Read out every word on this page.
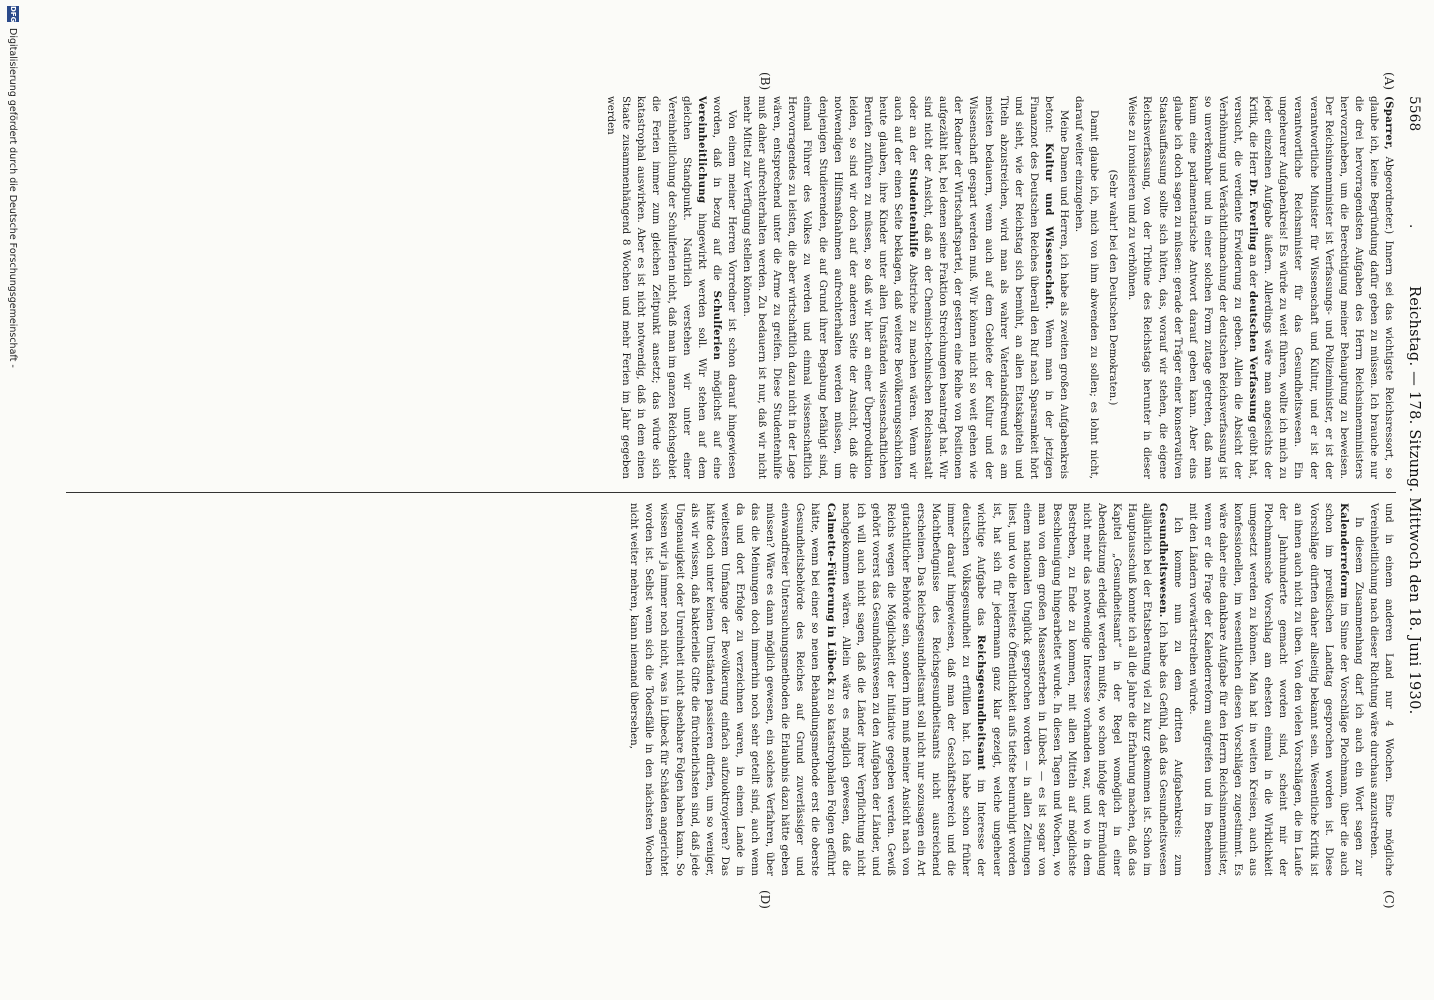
5568
.
Reichstag. — 178. Sitzung. Mittwoch den 18. Juni 1930.
(A)
(B)
(C)
(D)

(Sparrer, Abgeordneter.) Innern sei das wichtigste Reichsressort, so glaube ich, keine Begründung dafür geben zu müssen. Ich brauche nur die drei hervorragendsten Aufgaben des Herrn Reichsinnenministers hervorzuheben, um die Berechtigung meiner Behauptung zu beweisen. Der Reichsinnenminister ist Verfassungs- und Polizeiminister, er ist der verantwortliche Minister für Wissenschaft und Kultur, und er ist der verantwortliche Reichsminister für das Gesundheitswesen. Ein ungeheurer Aufgabenkreis! Es würde zu weit führen, wollte ich mich zu jeder einzelnen Aufgabe äußern. Allerdings wäre man angesichts der Kritik, die Herr Dr. Everling an der deutschen Verfassung geübt hat, versucht, die verdiente Erwiderung zu geben. Allein die Absicht der Verhöhnung und Verächtlichmachung der deutschen Reichsverfassung ist so unverkennbar und in einer solchen Form zutage getreten, daß man kaum eine parlamentarische Antwort darauf geben kann. Aber eins glaube ich doch sagen zu müssen: gerade der Träger einer konservativen Staatsauffassung sollte sich hüten, das, worauf wir stehen, die eigene Reichsverfassung, von der Tribüne des Reichstags herunter in dieser Weise zu ironisieren und zu verhöhnen.

(Sehr wahr! bei den Deutschen Demokraten.)

Damit glaube ich, mich von ihm abwenden zu sollen; es lohnt nicht, darauf weiter einzugehen.

Meine Damen und Herren, ich habe als zweiten großen Aufgabenkreis betont: Kultur und Wissenschaft. Wenn man in der jetzigen Finanznot des Deutschen Reiches überall den Ruf nach Sparsamkeit hört und sieht, wie der Reichstag sich bemüht, an allen Etatskapiteln und Titeln abzustreichen, wird man als wahrer Vaterlandsfreund es am meisten bedauern, wenn auch auf dem Gebiete der Kultur und der Wissenschaft gespart werden muß. Wir können nicht so weit gehen wie der Redner der Wirtschaftspartei, der gestern eine Reihe von Positionen aufgezählt hat, bei denen seine Fraktion Streichungen beantragt hat. Wir sind nicht der Ansicht, daß an der Chemisch-technischen Reichsanstalt oder an der Studentenhilfe Abstriche zu machen wären. Wenn wir auch auf der einen Seite beklagen, daß weitere Bevölkerungsschichten heute glauben, ihre Kinder unter allen Umständen wissenschaftlichen Berufen zuführen zu müssen, so daß wir hier an einer Überproduktion leiden, so sind wir doch auf der anderen Seite der Ansicht, daß die notwendigen Hilfsmaßnahmen aufrechterhalten werden müssen, um denjenigen Studierenden, die auf Grund ihrer Begabung befähigt sind, einmal Führer des Volkes zu werden und einmal wissenschaftlich Hervorragendes zu leisten, die aber wirtschaftlich dazu nicht in der Lage wären, entsprechend unter die Arme zu greifen. Diese Studentenhilfe muß daher aufrechterhalten werden. Zu bedauern ist nur, daß wir nicht mehr Mittel zur Verfügung stellen können.

Von einem meiner Herren Vorredner ist schon darauf hingewiesen worden, daß in bezug auf die Schulferien möglichst auf eine Vereinheitlichung hingewirkt werden soll. Wir stehen auf dem gleichen Standpunkt. Natürlich verstehen wir unter einer Vereinheitlichung der Schulferien nicht, daß man im ganzen Reichsgebiet die Ferien immer zum gleichen Zeitpunkt ansetzt; das würde sich katastrophal auswirken. Aber es ist nicht notwendig, daß in dem einen Staate zusammenhängend 8 Wochen und mehr Ferien im Jahr gegeben werden

und in einem anderen Land nur 4 Wochen. Eine mögliche Vereinheitlichung nach dieser Richtung wäre durchaus anzustreben.

In diesem Zusammenhang darf ich auch ein Wort sagen zur Kalenderreform im Sinne der Vorschläge Plochmann, über die auch schon im preußischen Landtag gesprochen worden ist. Diese Vorschläge dürften daher allseitig bekannt sein. Wesentliche Kritik ist an ihnen auch nicht zu üben. Von den vielen Vorschlägen, die im Laufe der Jahrhunderte gemacht worden sind, scheint mir der Plochmannsche Vorschlag am ehesten einmal in die Wirklichkeit umgesetzt werden zu können. Man hat in weiten Kreisen, auch aus konfessionellen, im wesentlichen diesen Vorschlägen zugestimmt. Es wäre daher eine dankbare Aufgabe für den Herrn Reichsinnenminister, wenn er die Frage der Kalenderreform aufgreifen und im Benehmen mit den Ländern vorwärtstreiben würde.

Ich komme nun zu dem dritten Aufgabenkreis: zum Gesundheitswesen. Ich habe das Gefühl, daß das Gesundheitswesen alljährlich bei der Etatsberatung viel zu kurz gekommen ist. Schon im Hauptausschuß konnte ich all die Jahre die Erfahrung machen, daß das Kapitel „Gesundheitsamt“ in der Regel womöglich in einer Abendsitzung erledigt werden mußte, wo schon infolge der Ermüdung nicht mehr das notwendige Interesse vorhanden war, und wo in dem Bestreben, zu Ende zu kommen, mit allen Mitteln auf möglichste Beschleunigung hingearbeitet wurde. In diesen Tagen und Wochen, wo man von dem großen Massensterben in Lübeck — es ist sogar von einem nationalen Unglück gesprochen worden — in allen Zeitungen liest, und wo die breiteste Öffentlichkeit aufs tiefste beunruhigt worden ist, hat sich für jedermann ganz klar gezeigt, welche ungeheuer wichtige Aufgabe das Reichsgesundheitsamt im Interesse der deutschen Volksgesundheit zu erfüllen hat. Ich habe schon früher immer darauf hingewiesen, daß man der Geschäftsbereich und die Machtbefugnisse des Reichsgesundheitsamts nicht ausreichend erscheinen. Das Reichsgesundheitsamt soll nicht nur sozusagen ein Art gutachtlicher Behörde sein, sondern ihm muß meiner Ansicht nach von Reichs wegen die Möglichkeit der Initiative gegeben werden. Gewiß gehört vorerst das Gesundheitswesen zu den Aufgaben der Länder, und ich will auch nicht sagen, daß die Länder ihrer Verpflichtung nicht nachgekommen wären. Allein wäre es möglich gewesen, daß die Calmette-Fütterung in Lübeck zu so katastrophalen Folgen geführt hätte, wenn bei einer so neuen Behandlungsmethode erst die oberste Gesundheitsbehörde des Reiches auf Grund zuverlässiger und einwandfreier Untersuchungsmethoden die Erlaubnis dazu hätte geben müssen? Wäre es dann möglich gewesen, ein solches Verfahren, über das die Meinungen doch immerhin noch sehr geteilt sind, auch wenn da und dort Erfolge zu verzeichnen waren, in einem Lande in weitestem Umfange der Bevölkerung einfach aufzuoktroyieren? Das hätte doch unter keinen Umständen passieren dürfen, um so weniger, als wir wissen, daß bakterielle Gifte die fürchterlichsten sind, daß jede Ungenauigkeit oder Unreinheit nicht absehbare Folgen haben kann. So wissen wir ja immer noch nicht, was in Lübeck für Schäden angerichtet worden ist. Selbst wenn sich die Todesfälle in den nächsten Wochen nicht weiter mehren, kann niemand übersehen,

DFG
Digitalisierung gefördert durch die Deutsche Forschungsgemeinschaft -
